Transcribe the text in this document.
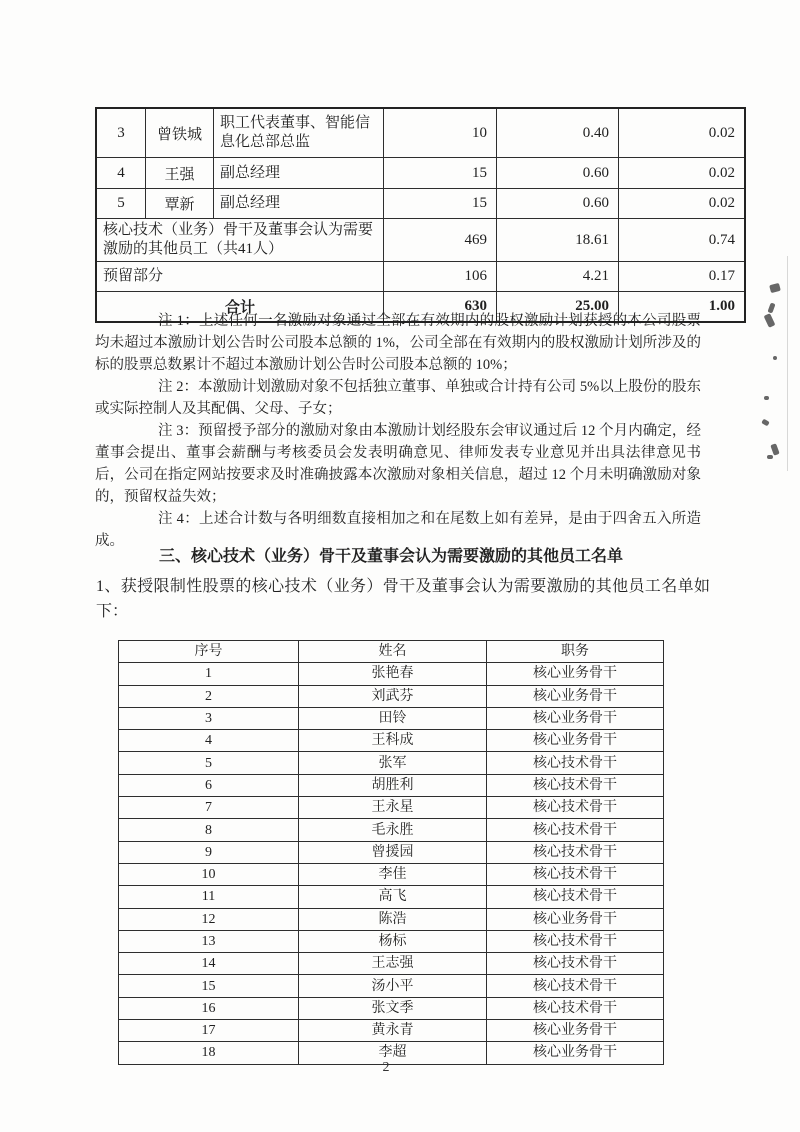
3	曾铁城	职工代表董事、智能信息化总部总监	10	0.40	0.02
4	王强	副总经理	15	0.60	0.02
5	覃新	副总经理	15	0.60	0.02
核心技术（业务）骨干及董事会认为需要激励的其他员工（共41人）			469	18.61	0.74
预留部分			106	4.21	0.17
合计			630	25.00	1.00

注 1：上述任何一名激励对象通过全部在有效期内的股权激励计划获授的本公司股票均未超过本激励计划公告时公司股本总额的 1%，公司全部在有效期内的股权激励计划所涉及的标的股票总数累计不超过本激励计划公告时公司股本总额的 10%；

注 2：本激励计划激励对象不包括独立董事、单独或合计持有公司 5%以上股份的股东或实际控制人及其配偶、父母、子女；

注 3：预留授予部分的激励对象由本激励计划经股东会审议通过后 12 个月内确定，经董事会提出、董事会薪酬与考核委员会发表明确意见、律师发表专业意见并出具法律意见书后，公司在指定网站按要求及时准确披露本次激励对象相关信息，超过 12 个月未明确激励对象的，预留权益失效；

注 4：上述合计数与各明细数直接相加之和在尾数上如有差异，是由于四舍五入所造成。

三、核心技术（业务）骨干及董事会认为需要激励的其他员工名单
1、获授限制性股票的核心技术（业务）骨干及董事会认为需要激励的其他员工名单如下：
序号	姓名	职务
1	张艳春	核心业务骨干
2	刘武芬	核心业务骨干
3	田铃	核心业务骨干
4	王科成	核心业务骨干
5	张军	核心技术骨干
6	胡胜利	核心技术骨干
7	王永星	核心技术骨干
8	毛永胜	核心技术骨干
9	曾援园	核心技术骨干
10	李佳	核心技术骨干
11	高飞	核心技术骨干
12	陈浩	核心业务骨干
13	杨标	核心技术骨干
14	王志强	核心技术骨干
15	汤小平	核心技术骨干
16	张文季	核心技术骨干
17	黄永青	核心业务骨干
18	李超	核心业务骨干
2
